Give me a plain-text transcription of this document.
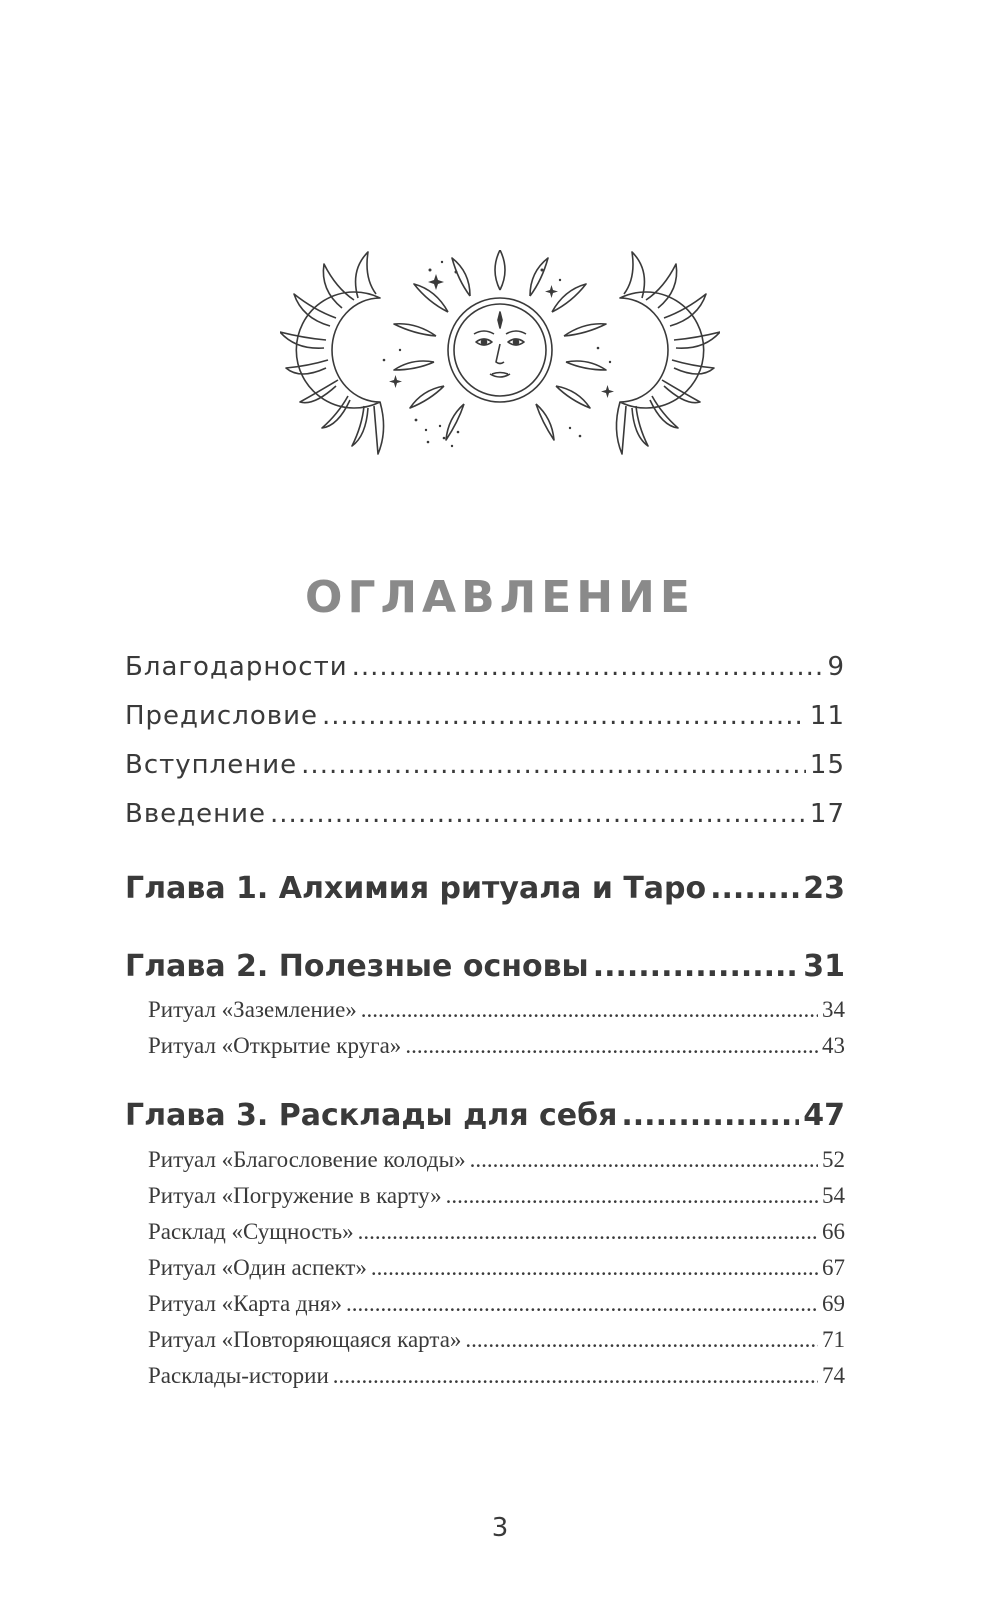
ОГЛАВЛЕНИЕ
Благодарности .....	9
Предисловие .....	11
Вступление .....	15
Введение .....	17
Глава 1. Алхимия ритуала и Таро .....	23
Глава 2. Полезные основы .....	31
Ритуал «Заземление» .....	34
Ритуал «Открытие круга» .....	43
Глава 3. Расклады для себя .....	47
Ритуал «Благословение колоды» .....	52
Ритуал «Погружение в карту» .....	54
Расклад «Сущность» .....	66
Ритуал «Один аспект» .....	67
Ритуал «Карта дня» .....	69
Ритуал «Повторяющаяся карта» .....	71
Расклады-истории .....	74
3
